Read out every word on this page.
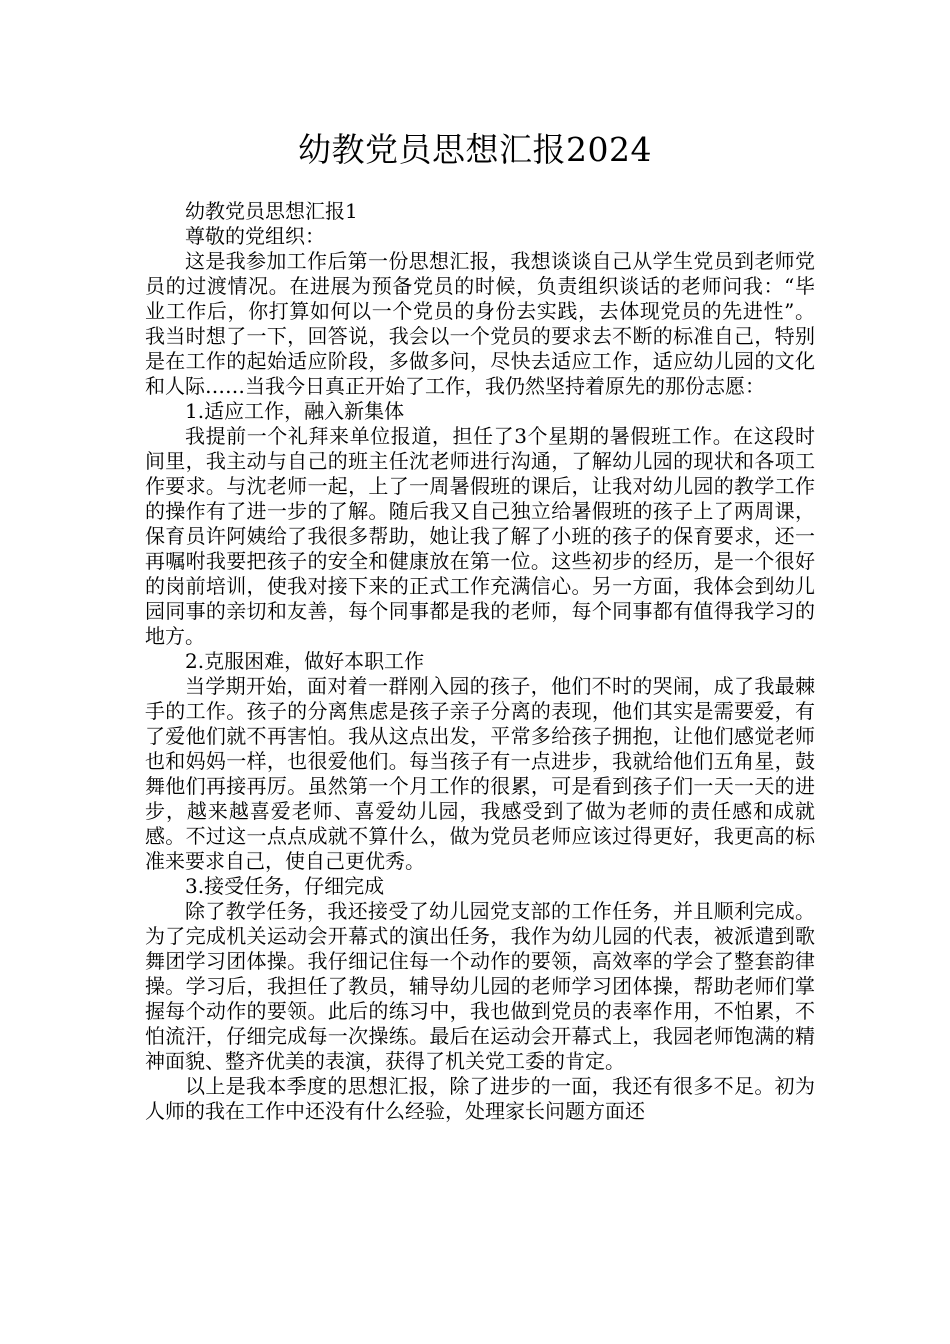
幼教党员思想汇报2024

幼教党员思想汇报1

尊敬的党组织：

这是我参加工作后第一份思想汇报，我想谈谈自己从学生党员到老师党员的过渡情况。在进展为预备党员的时候，负责组织谈话的老师问我：“毕业工作后，你打算如何以一个党员的身份去实践，去体现党员的先进性”。我当时想了一下，回答说，我会以一个党员的要求去不断的标准自己，特别是在工作的起始适应阶段，多做多问，尽快去适应工作，适应幼儿园的文化和人际……当我今日真正开始了工作，我仍然坚持着原先的那份志愿：

1.适应工作，融入新集体

我提前一个礼拜来单位报道，担任了3个星期的暑假班工作。在这段时间里，我主动与自己的班主任沈老师进行沟通，了解幼儿园的现状和各项工作要求。与沈老师一起，上了一周暑假班的课后，让我对幼儿园的教学工作的操作有了进一步的了解。随后我又自己独立给暑假班的孩子上了两周课，保育员许阿姨给了我很多帮助，她让我了解了小班的孩子的保育要求，还一再嘱咐我要把孩子的安全和健康放在第一位。这些初步的经历，是一个很好的岗前培训，使我对接下来的正式工作充满信心。另一方面，我体会到幼儿园同事的亲切和友善，每个同事都是我的老师，每个同事都有值得我学习的地方。

2.克服困难，做好本职工作

当学期开始，面对着一群刚入园的孩子，他们不时的哭闹，成了我最棘手的工作。孩子的分离焦虑是孩子亲子分离的表现，他们其实是需要爱，有了爱他们就不再害怕。我从这点出发，平常多给孩子拥抱，让他们感觉老师也和妈妈一样，也很爱他们。每当孩子有一点进步，我就给他们五角星，鼓舞他们再接再厉。虽然第一个月工作的很累，可是看到孩子们一天一天的进步，越来越喜爱老师、喜爱幼儿园，我感受到了做为老师的责任感和成就感。不过这一点点成就不算什么，做为党员老师应该过得更好，我更高的标准来要求自己，使自己更优秀。

3.接受任务，仔细完成

除了教学任务，我还接受了幼儿园党支部的工作任务，并且顺利完成。为了完成机关运动会开幕式的演出任务，我作为幼儿园的代表，被派遣到歌舞团学习团体操。我仔细记住每一个动作的要领，高效率的学会了整套韵律操。学习后，我担任了教员，辅导幼儿园的老师学习团体操，帮助老师们掌握每个动作的要领。此后的练习中，我也做到党员的表率作用，不怕累，不怕流汗，仔细完成每一次操练。最后在运动会开幕式上，我园老师饱满的精神面貌、整齐优美的表演，获得了机关党工委的肯定。

以上是我本季度的思想汇报，除了进步的一面，我还有很多不足。初为人师的我在工作中还没有什么经验，处理家长问题方面还
